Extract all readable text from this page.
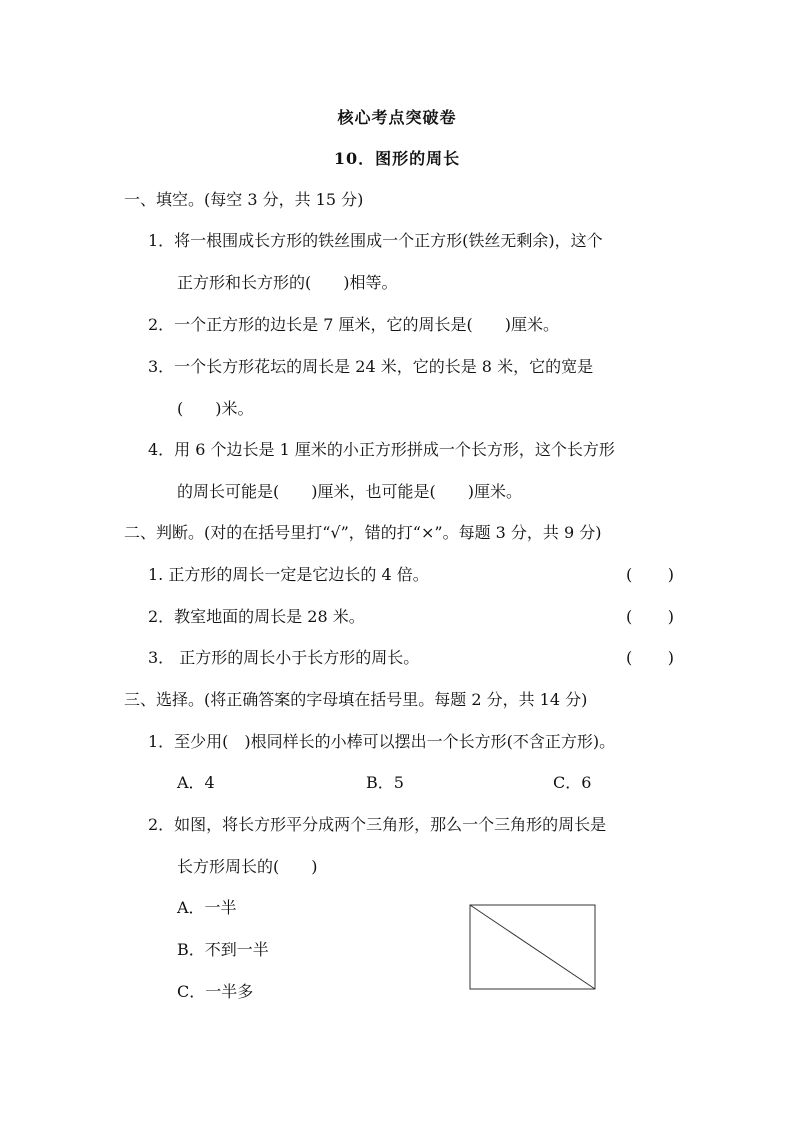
核心考点突破卷
10．图形的周长
一、填空。(每空 3 分，共 15 分)
1．将一根围成长方形的铁丝围成一个正方形(铁丝无剩余)，这个
正方形和长方形的(　　)相等。
2．一个正方形的边长是 7 厘米，它的周长是(　　)厘米。
3．一个长方形花坛的周长是 24 米，它的长是 8 米，它的宽是
(　　)米。
4．用 6 个边长是 1 厘米的小正方形拼成一个长方形，这个长方形
的周长可能是(　　)厘米，也可能是(　　)厘米。
二、判断。(对的在括号里打“√”，错的打“×”。每题 3 分，共 9 分)
1. 正方形的周长一定是它边长的 4 倍。	( )
2．教室地面的周长是 28 米。	( )
3． 正方形的周长小于长方形的周长。	( )
三、选择。(将正确答案的字母填在括号里。每题 2 分，共 14 分)
1．至少用(　)根同样长的小棒可以摆出一个长方形(不含正方形)。
A．4	B．5	C．6
2．如图，将长方形平分成两个三角形，那么一个三角形的周长是
长方形周长的(　　)
A．一半
B．不到一半
C．一半多
